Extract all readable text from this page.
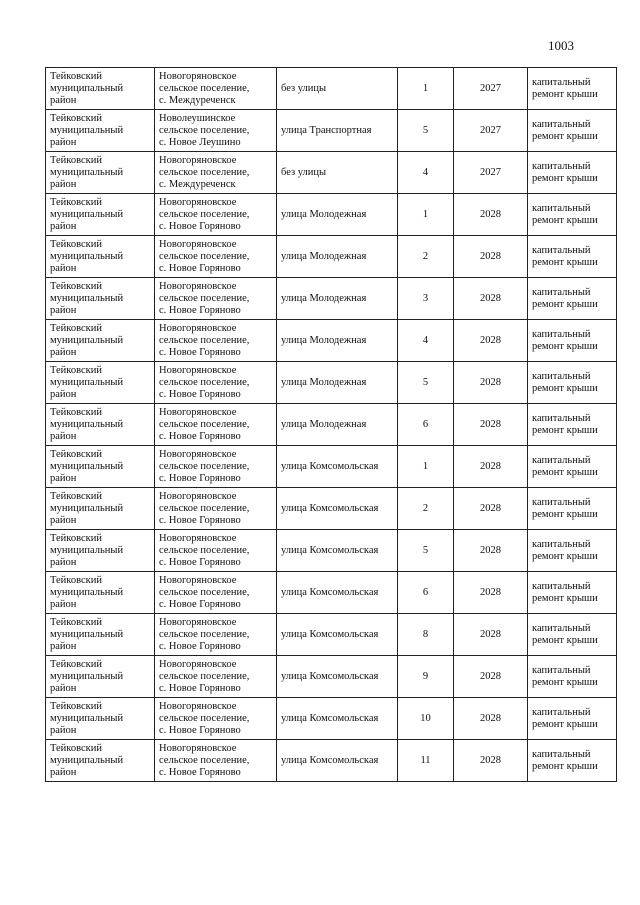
1003
Тейковский
муниципальный
район	Новогоряновское
сельское поселение,
с. Междуреченск	без улицы	1	2027	капитальный
ремонт крыши

Тейковский
муниципальный
район	Новолеушинское
сельское поселение,
с. Новое Леушино	улица Транспортная	5	2027	капитальный
ремонт крыши

Тейковский
муниципальный
район	Новогоряновское
сельское поселение,
с. Междуреченск	без улицы	4	2027	капитальный
ремонт крыши

Тейковский
муниципальный
район	Новогоряновское
сельское поселение,
с. Новое Горяново	улица Молодежная	1	2028	капитальный
ремонт крыши

Тейковский
муниципальный
район	Новогоряновское
сельское поселение,
с. Новое Горяново	улица Молодежная	2	2028	капитальный
ремонт крыши

Тейковский
муниципальный
район	Новогоряновское
сельское поселение,
с. Новое Горяново	улица Молодежная	3	2028	капитальный
ремонт крыши

Тейковский
муниципальный
район	Новогоряновское
сельское поселение,
с. Новое Горяново	улица Молодежная	4	2028	капитальный
ремонт крыши

Тейковский
муниципальный
район	Новогоряновское
сельское поселение,
с. Новое Горяново	улица Молодежная	5	2028	капитальный
ремонт крыши

Тейковский
муниципальный
район	Новогоряновское
сельское поселение,
с. Новое Горяново	улица Молодежная	6	2028	капитальный
ремонт крыши

Тейковский
муниципальный
район	Новогоряновское
сельское поселение,
с. Новое Горяново	улица Комсомольская	1	2028	капитальный
ремонт крыши

Тейковский
муниципальный
район	Новогоряновское
сельское поселение,
с. Новое Горяново	улица Комсомольская	2	2028	капитальный
ремонт крыши

Тейковский
муниципальный
район	Новогоряновское
сельское поселение,
с. Новое Горяново	улица Комсомольская	5	2028	капитальный
ремонт крыши

Тейковский
муниципальный
район	Новогоряновское
сельское поселение,
с. Новое Горяново	улица Комсомольская	6	2028	капитальный
ремонт крыши

Тейковский
муниципальный
район	Новогоряновское
сельское поселение,
с. Новое Горяново	улица Комсомольская	8	2028	капитальный
ремонт крыши

Тейковский
муниципальный
район	Новогоряновское
сельское поселение,
с. Новое Горяново	улица Комсомольская	9	2028	капитальный
ремонт крыши

Тейковский
муниципальный
район	Новогоряновское
сельское поселение,
с. Новое Горяново	улица Комсомольская	10	2028	капитальный
ремонт крыши

Тейковский
муниципальный
район	Новогоряновское
сельское поселение,
с. Новое Горяново	улица Комсомольская	11	2028	капитальный
ремонт крыши
